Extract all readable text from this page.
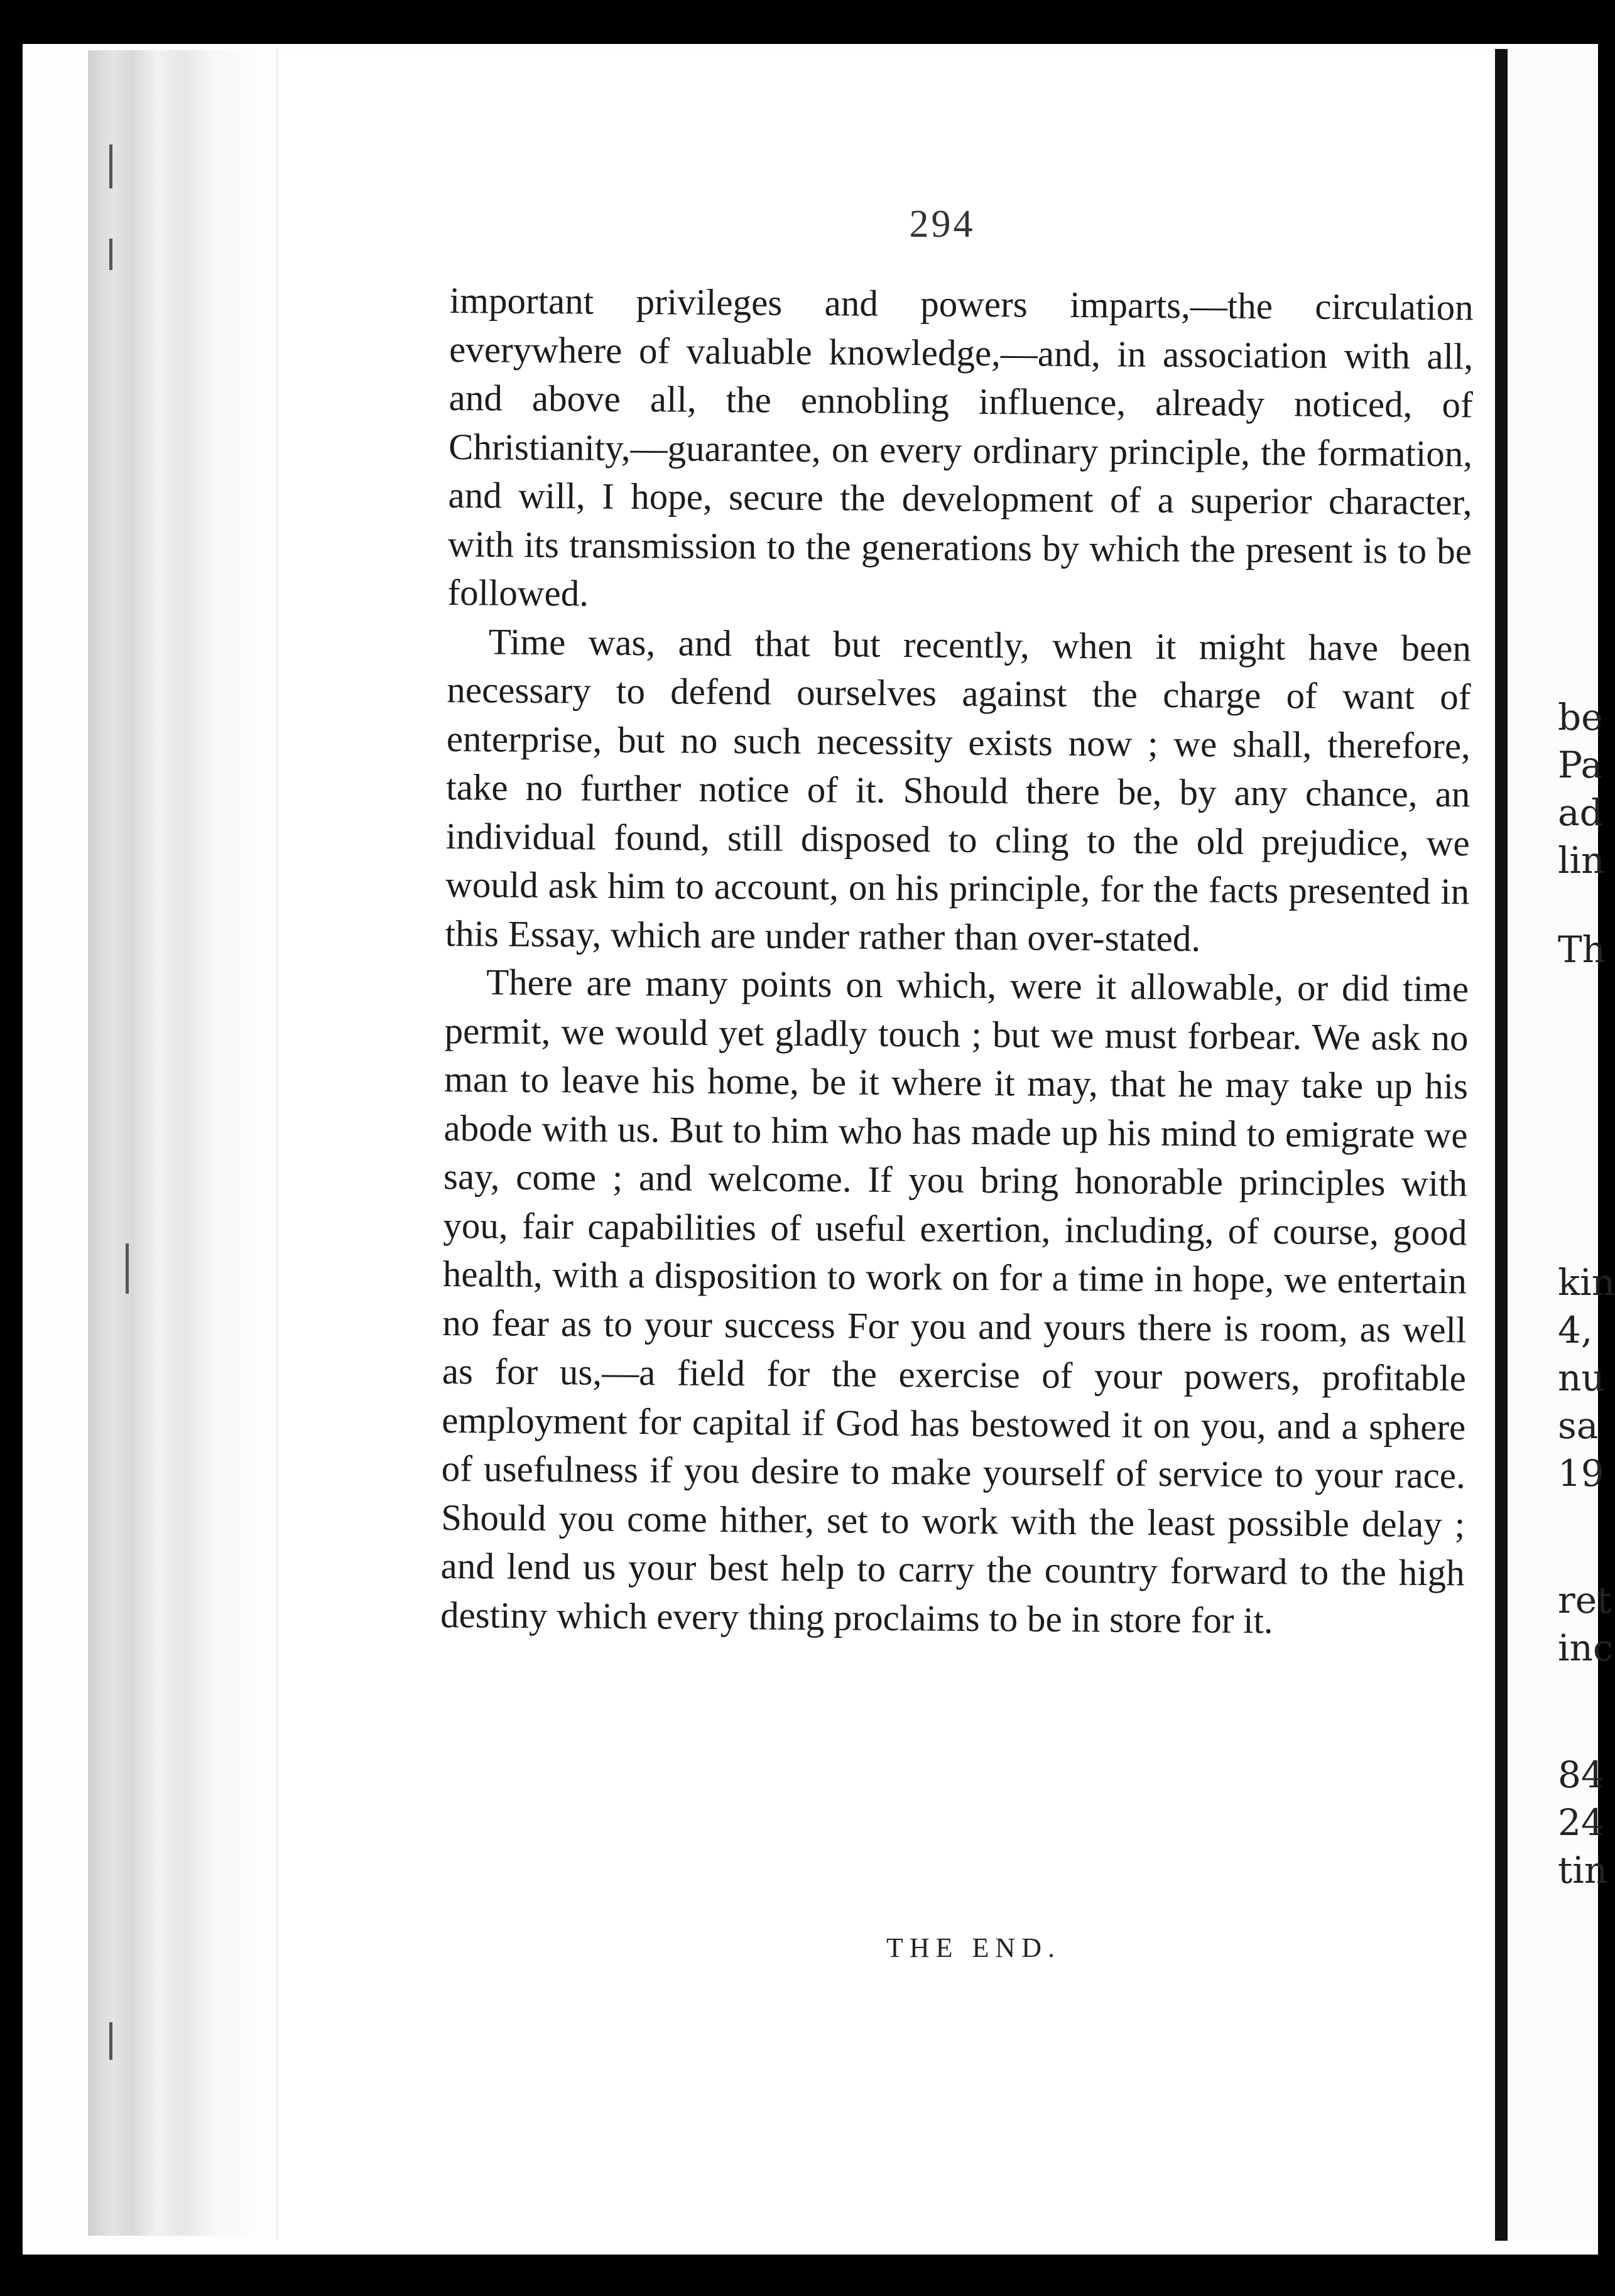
294

important privileges and powers imparts,—the circulation everywhere of valuable knowledge,—and, in association with all, and above all, the ennobling influence, already noticed, of Christianity,—guarantee, on every ordinary principle, the formation, and will, I hope, secure the development of a superior character, with its transmission to the generations by which the present is to be followed.

Time was, and that but recently, when it might have been necessary to defend ourselves against the charge of want of enterprise, but no such necessity exists now ; we shall, therefore, take no further notice of it. Should there be, by any chance, an individual found, still disposed to cling to the old prejudice, we would ask him to account, on his principle, for the facts presented in this Essay, which are under rather than over-stated.

There are many points on which, were it allowable, or did time permit, we would yet gladly touch ; but we must forbear. We ask no man to leave his home, be it where it may, that he may take up his abode with us. But to him who has made up his mind to emigrate we say, come ; and welcome. If you bring honorable principles with you, fair capabilities of useful exertion, including, of course, good health, with a disposition to work on for a time in hope, we entertain no fear as to your success For you and yours there is room, as well as for us,—a field for the exercise of your powers, profitable employment for capital if God has bestowed it on you, and a sphere of usefulness if you desire to make yourself of service to your race. Should you come hither, set to work with the least possible delay ; and lend us your best help to carry the country forward to the high destiny which every thing proclaims to be in store for it.

THE END.
be
Pa
ad
lin
Th
kin
4,
nu
sa
19
ret
inc
84
24
tin
